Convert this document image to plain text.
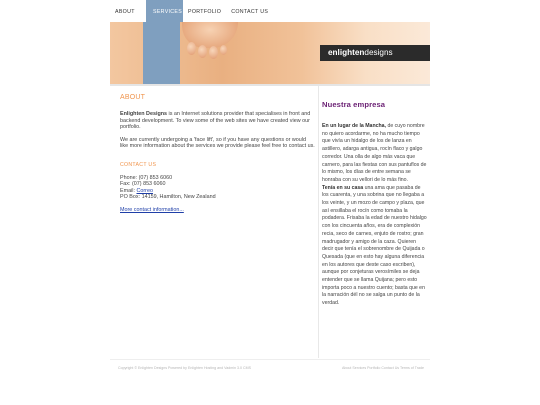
ABOUT	SERVICES	PORTFOLIO	CONTACT US
enlightendesigns
ABOUT

Enlighten Designs is an Internet solutions provider that specialises in front and backend development. To view some of the web sites we have created view our portfolio.

We are currently undergoing a 'face lift', so if you have any questions or would like more information about the services we provide please feel free to contact us.

CONTACT US
Phone: (07) 853 6060
Fax: (07) 853 6060
Email: Correo
PO Box: 14159, Hamilton, New Zealand
More contact information...
Nuestra empresa

En un lugar de la Mancha, de cuyo nombre no quiero acordarme, no ha mucho tiempo que vivía un hidalgo de los de lanza en astillero, adarga antigua, rocín flaco y galgo corredor. Una olla de algo más vaca que carnero, para las fiestas con sus pantuflos de lo mismo, los días de entre semana se honraba con su vellori de lo más fino.
Tenía en su casa una ama que pasaba de los cuarenta, y una sobrina que no llegaba a los veinte, y un mozo de campo y plaza, que así ensillaba el rocín como tomaba la podadera. Frisaba la edad de nuestro hidalgo con los cincuenta años, era de complexión recia, seco de carnes, enjuto de rostro; gran madrugador y amigo de la caza. Quieren decir que tenía el sobrenombre de Quijada o Quesada (que en esto hay alguna diferencia en los autores que deste caso escriben), aunque por conjeturas verosímiles se deja entender que se llama Quijana; pero esto importa poco a nuestro cuento; basta que en la narración dél no se salga un punto de la verdad.

Copyright © Enlighten Designs Powered by Enlighten Hosting and Vadmin 3.0 CMS	About Services Portfolio Contact Us Terms of Trade
